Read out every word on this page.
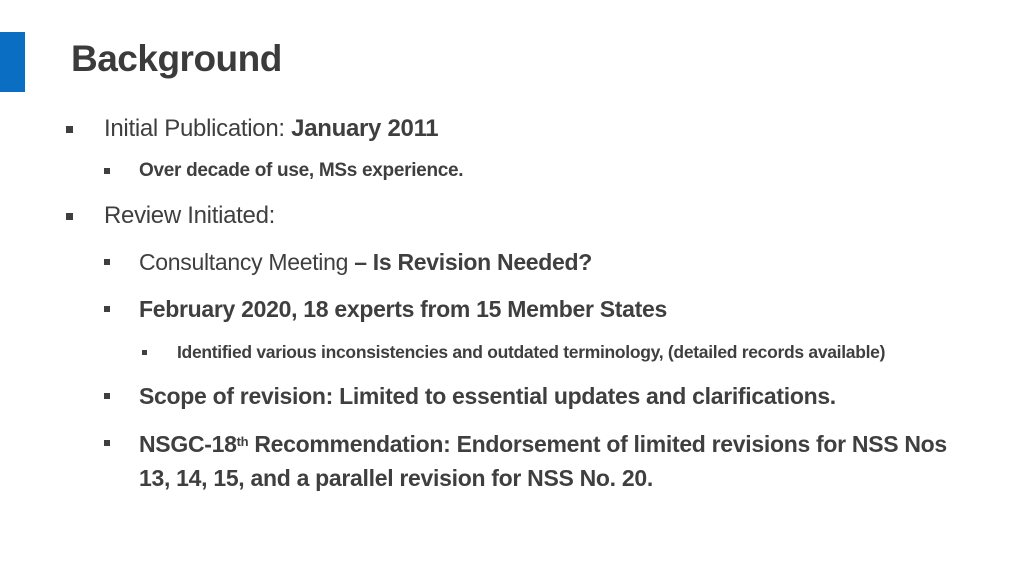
Background
Initial Publication: January 2011
Over decade of use, MSs experience.
Review Initiated:
Consultancy Meeting – Is Revision Needed?
February 2020, 18 experts from 15 Member States
Identified various inconsistencies and outdated terminology, (detailed records available)
Scope of revision: Limited to essential updates and clarifications.
NSGC-18th Recommendation: Endorsement of limited revisions for NSS Nos
13, 14, 15, and a parallel revision for NSS No. 20.
